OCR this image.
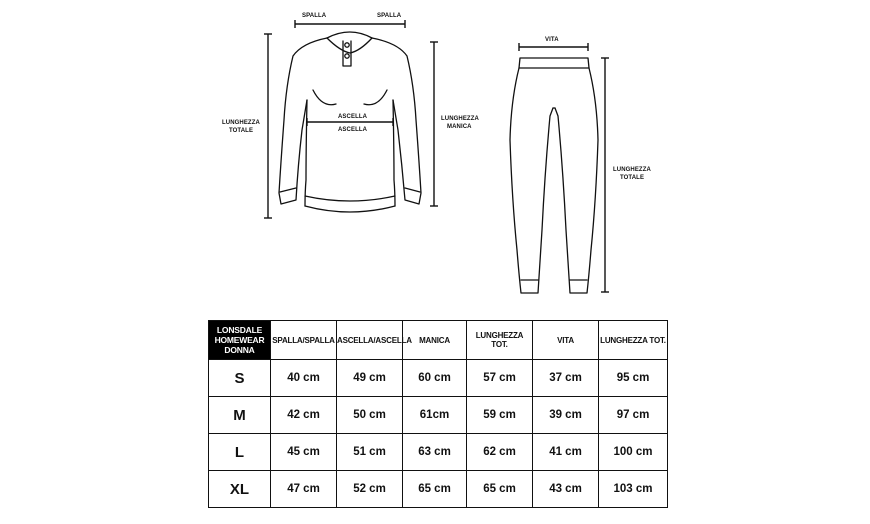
SPALLA	SPALLA
ASCELLA
ASCELLA
LUNGHEZZA
TOTALE
LUNGHEZZA
MANICA
VITA
LUNGHEZZA
TOTALE
LONSDALE
HOMEWEAR
DONNA	SPALLA/SPALLA	ASCELLA/ASCELLA	MANICA	LUNGHEZZA TOT.	VITA	LUNGHEZZA TOT.
S	40 cm	49 cm	60 cm	57 cm	37 cm	95 cm
M	42 cm	50 cm	61cm	59 cm	39 cm	97 cm
L	45 cm	51 cm	63 cm	62 cm	41 cm	100 cm
XL	47 cm	52 cm	65 cm	65 cm	43 cm	103 cm
